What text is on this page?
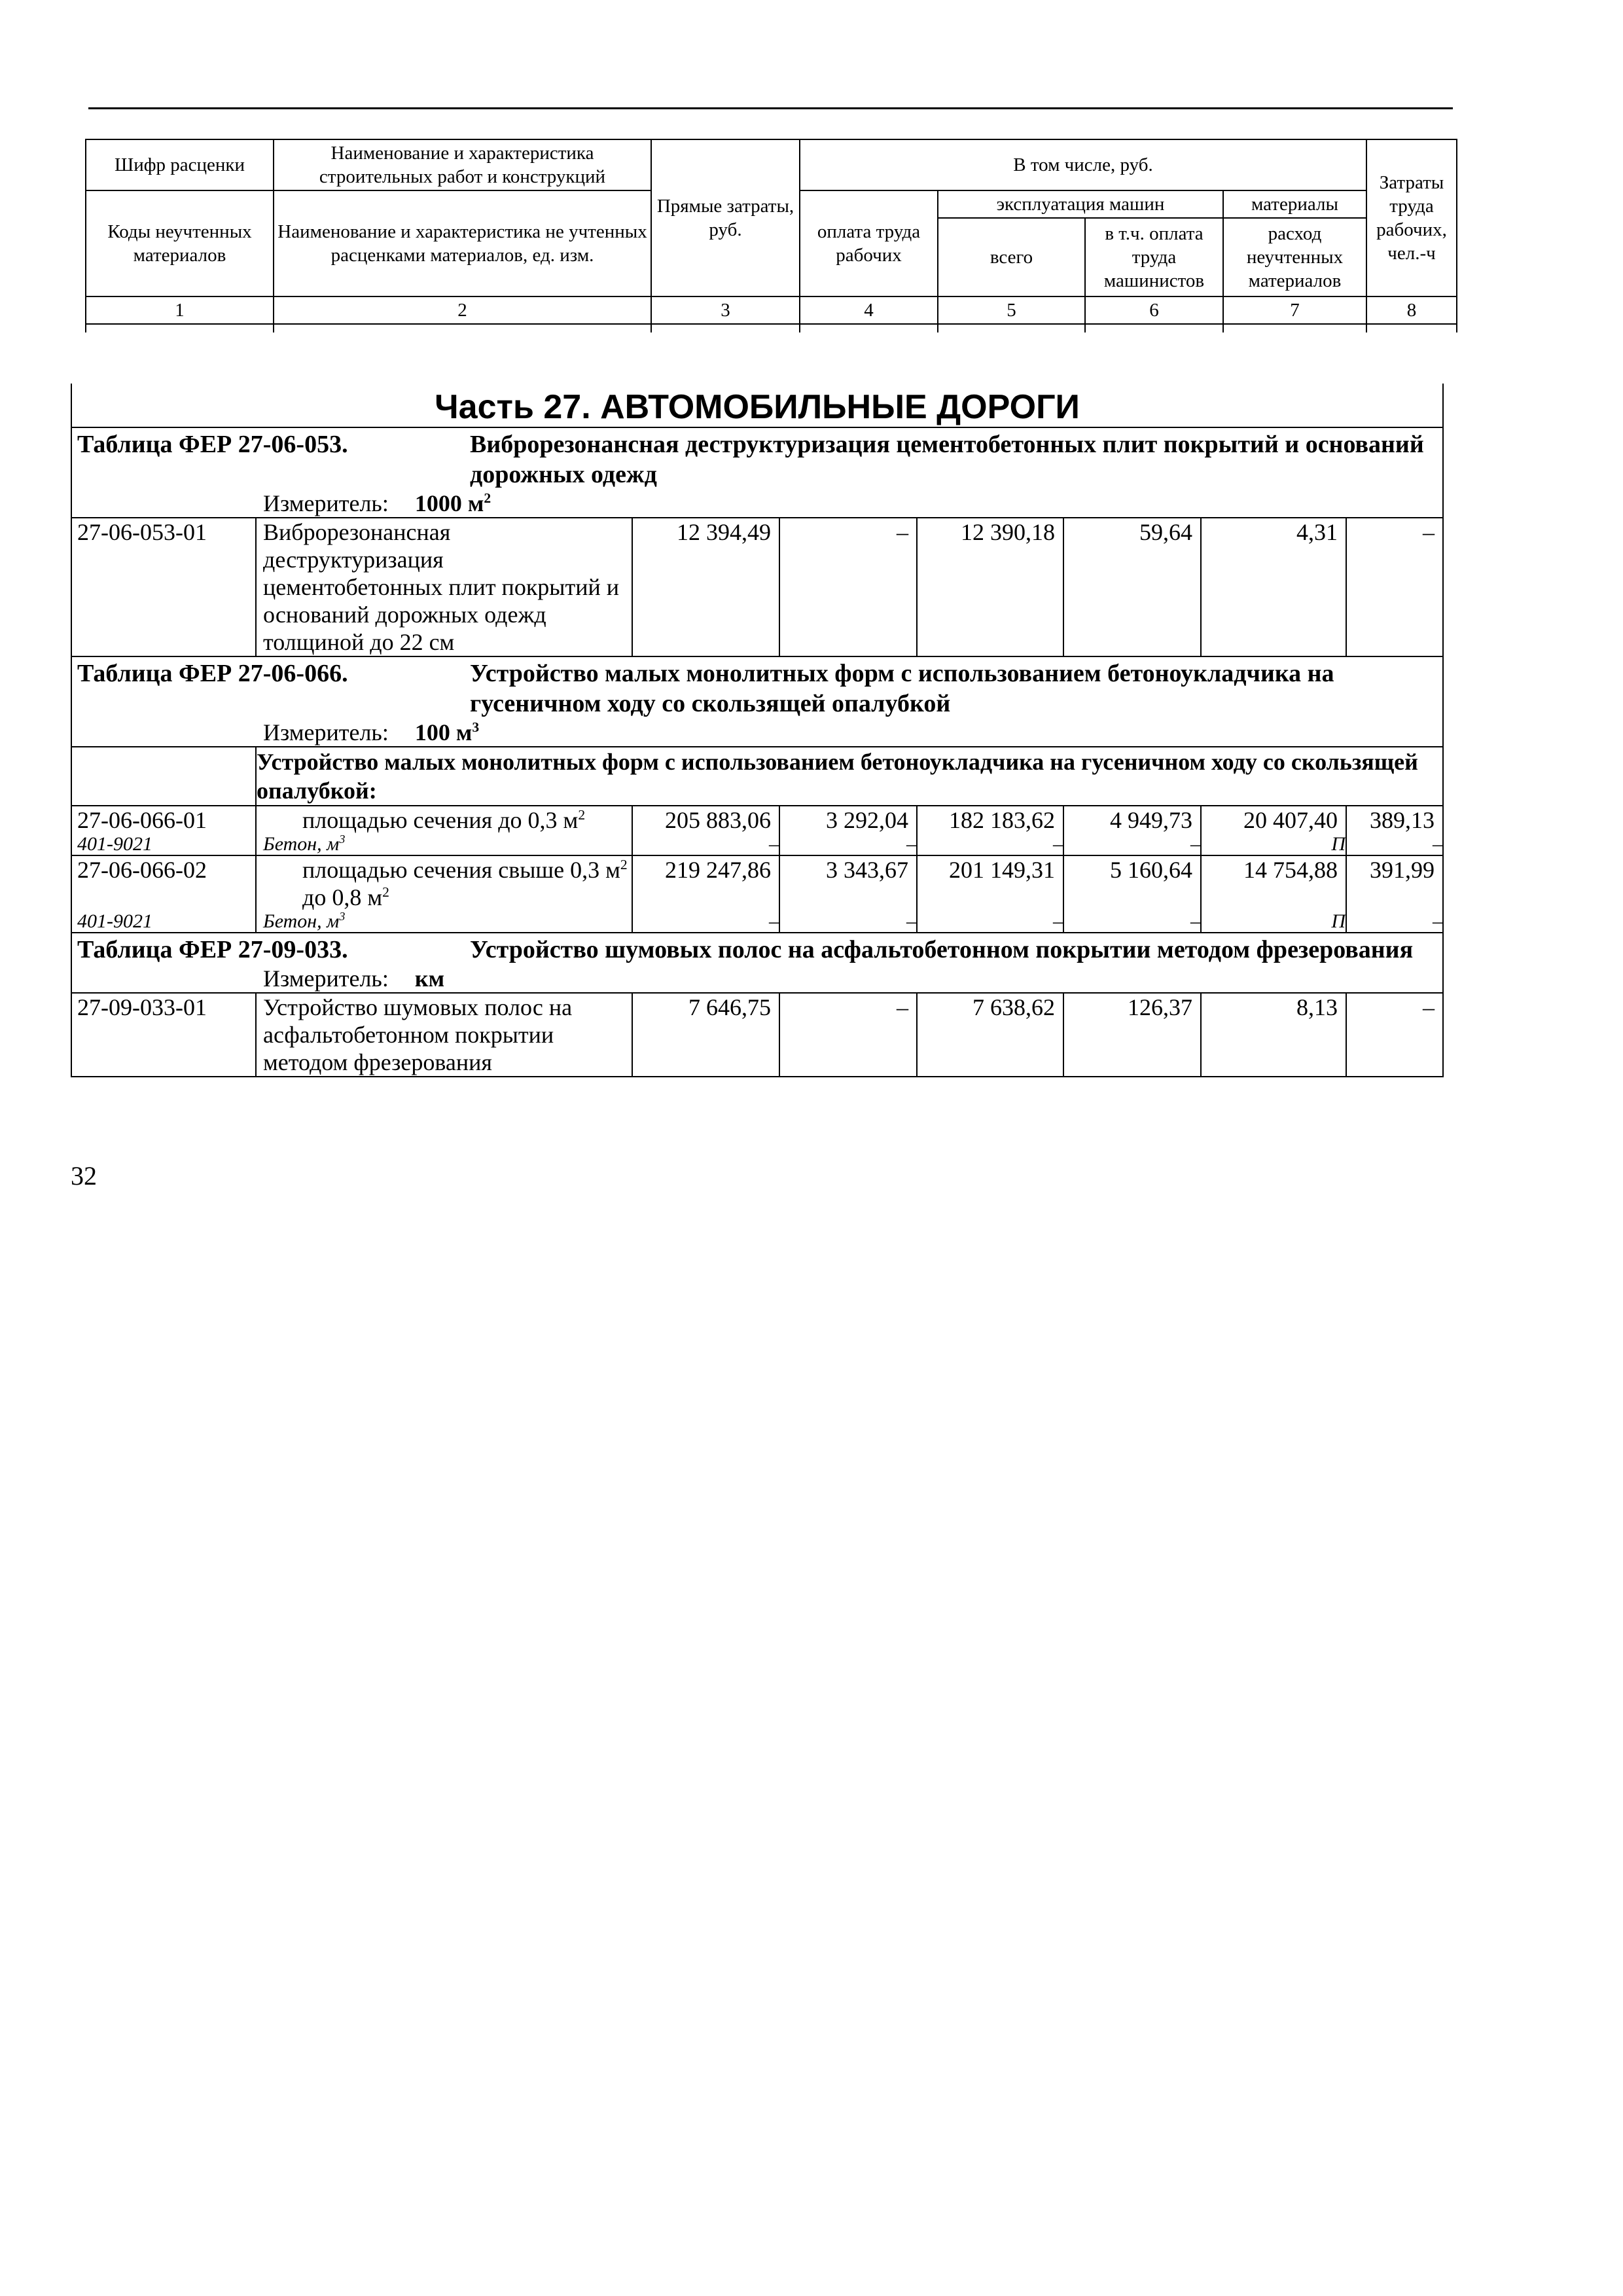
Шифр расценки	Наименование и характеристика строительных работ и конструкций	Прямые затраты, руб.	В том числе, руб.				Затраты труда рабочих, чел.-ч
Коды неучтенных материалов	Наименование и характеристика не учтенных расценками материалов, ед. изм.		оплата труда рабочих	эксплуатация машин		материалы	
				всего	в т.ч. оплата труда машинистов	расход неучтенных материалов	
1	2	3	4	5	6	7	8

Часть 27. АВТОМОБИЛЬНЫЕ ДОРОГИ							

Таблица ФЕР 27-06-053. Виброрезонансная деструктуризация цементобетонных плит покрытий и оснований дорожных одежд
Измеритель: 1000 $м^2$

27-06-053-01	Виброрезонансная деструктуризация цементобетонных плит покрытий и оснований дорожных одежд толщиной до 22 см	12 394,49	–	12 390,18	59,64	4,31	–

Таблица ФЕР 27-06-066. Устройство малых монолитных форм с использованием бетоноукладчика на гусеничном ходу со скользящей опалубкой
Измеритель: 100 $м^3$

	Устройство малых монолитных форм с использованием бетоноукладчика на гусеничном ходу со скользящей опалубкой:						
27-06-066-01	площадью сечения до 0,3 $м^2$	205 883,06	3 292,04	182 183,62	4 949,73	20 407,40	389,13
401-9021	Бетон, $м^3$	–	–	–	–	П	–
27-06-066-02	площадью сечения свыше 0,3 $м^2$ до 0,8 $м^2$	219 247,86	3 343,67	201 149,31	5 160,64	14 754,88	391,99
401-9021	Бетон, $м^3$	–	–	–	–	П	–

Таблица ФЕР 27-09-033. Устройство шумовых полос на асфальтобетонном покрытии методом фрезерования
Измеритель: км							

27-09-033-01	Устройство шумовых полос на асфальтобетонном покрытии методом фрезерования	7 646,75	–	7 638,62	126,37	8,13	–
32
